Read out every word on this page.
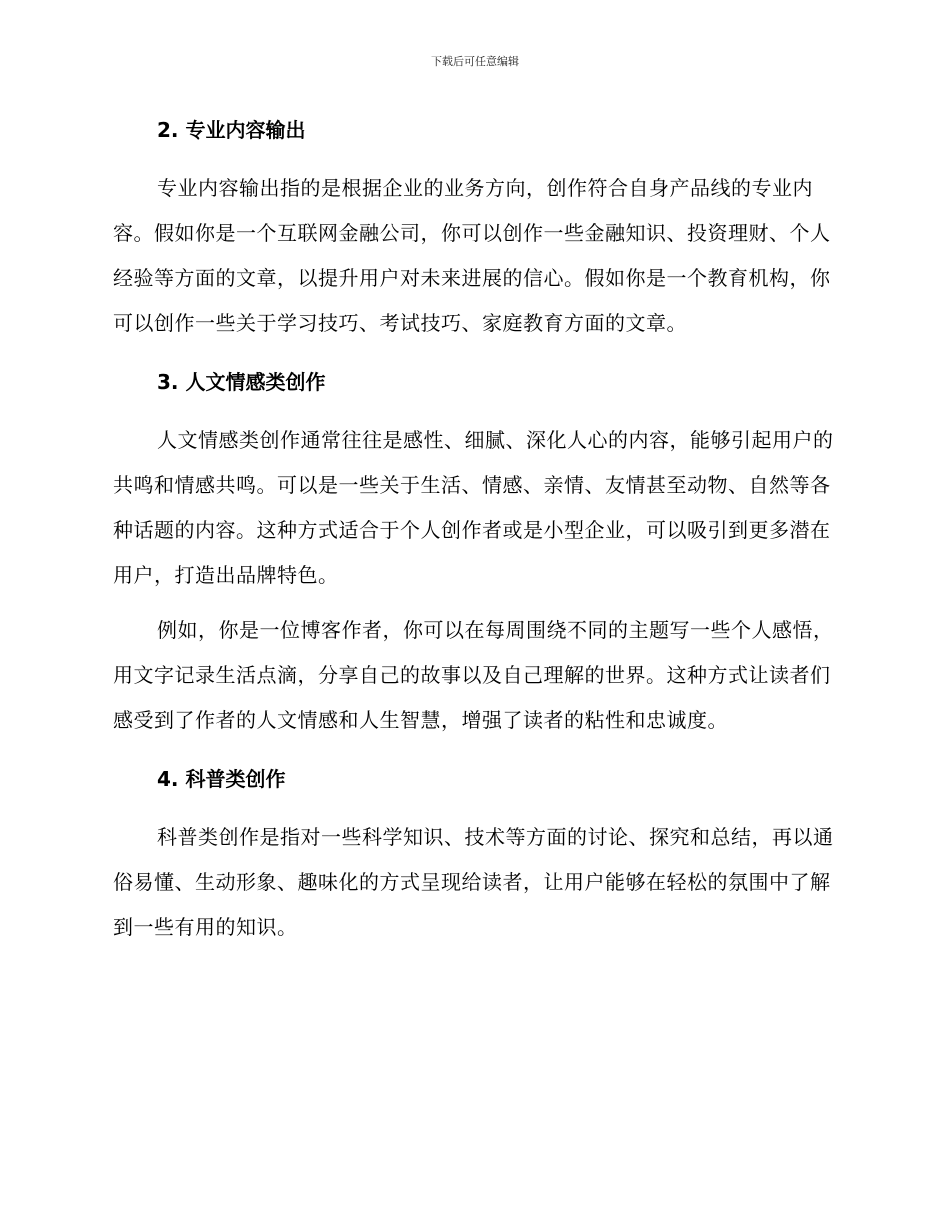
下载后可任意编辑
2. 专业内容输出

专业内容输出指的是根据企业的业务方向，创作符合自身产品线的专业内容。假如你是一个互联网金融公司，你可以创作一些金融知识、投资理财、个人经验等方面的文章，以提升用户对未来进展的信心。假如你是一个教育机构，你可以创作一些关于学习技巧、考试技巧、家庭教育方面的文章。

3. 人文情感类创作

人文情感类创作通常往往是感性、细腻、深化人心的内容，能够引起用户的共鸣和情感共鸣。可以是一些关于生活、情感、亲情、友情甚至动物、自然等各种话题的内容。这种方式适合于个人创作者或是小型企业，可以吸引到更多潜在用户，打造出品牌特色。

例如，你是一位博客作者，你可以在每周围绕不同的主题写一些个人感悟，用文字记录生活点滴，分享自己的故事以及自己理解的世界。这种方式让读者们感受到了作者的人文情感和人生智慧，增强了读者的粘性和忠诚度。

4. 科普类创作

科普类创作是指对一些科学知识、技术等方面的讨论、探究和总结，再以通俗易懂、生动形象、趣味化的方式呈现给读者，让用户能够在轻松的氛围中了解到一些有用的知识。
